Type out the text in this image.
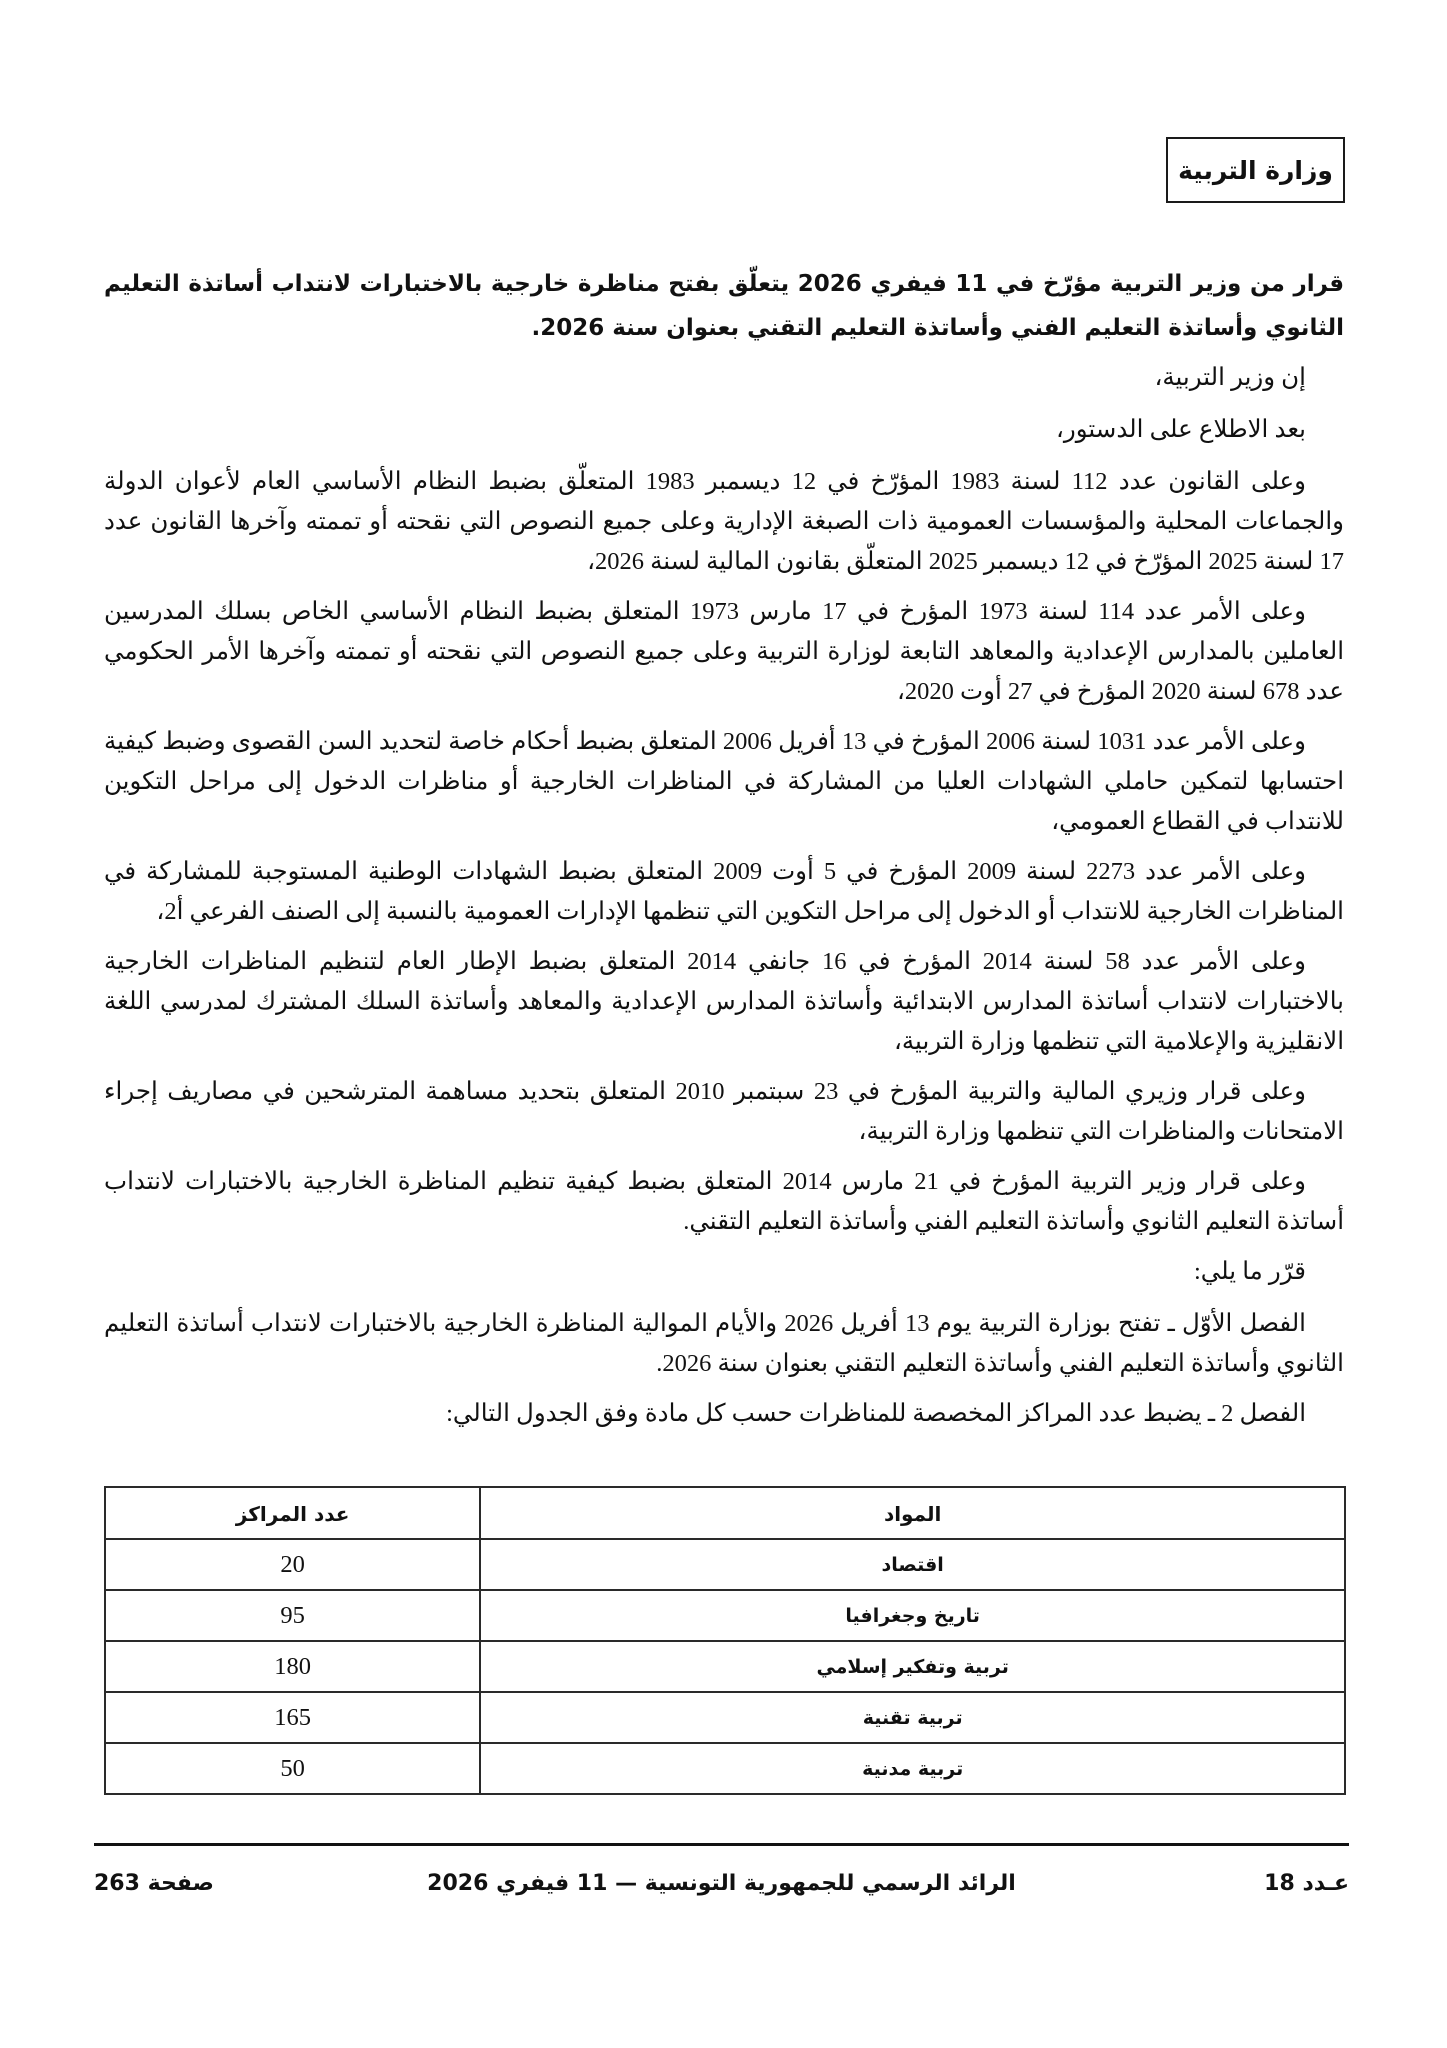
وزارة التربية

قرار من وزير التربية مؤرّخ في 11 فيفري 2026 يتعلّق بفتح مناظرة خارجية بالاختبارات لانتداب أساتذة التعليم الثانوي وأساتذة التعليم الفني وأساتذة التعليم التقني بعنوان سنة 2026.

إن وزير التربية،

بعد الاطلاع على الدستور،

وعلى القانون عدد 112 لسنة 1983 المؤرّخ في 12 ديسمبر 1983 المتعلّق بضبط النظام الأساسي العام لأعوان الدولة والجماعات المحلية والمؤسسات العمومية ذات الصبغة الإدارية وعلى جميع النصوص التي نقحته أو تممته وآخرها القانون عدد 17 لسنة 2025 المؤرّخ في 12 ديسمبر 2025 المتعلّق بقانون المالية لسنة 2026،

وعلى الأمر عدد 114 لسنة 1973 المؤرخ في 17 مارس 1973 المتعلق بضبط النظام الأساسي الخاص بسلك المدرسين العاملين بالمدارس الإعدادية والمعاهد التابعة لوزارة التربية وعلى جميع النصوص التي نقحته أو تممته وآخرها الأمر الحكومي عدد 678 لسنة 2020 المؤرخ في 27 أوت 2020،

وعلى الأمر عدد 1031 لسنة 2006 المؤرخ في 13 أفريل 2006 المتعلق بضبط أحكام خاصة لتحديد السن القصوى وضبط كيفية احتسابها لتمكين حاملي الشهادات العليا من المشاركة في المناظرات الخارجية أو مناظرات الدخول إلى مراحل التكوين للانتداب في القطاع العمومي،

وعلى الأمر عدد 2273 لسنة 2009 المؤرخ في 5 أوت 2009 المتعلق بضبط الشهادات الوطنية المستوجبة للمشاركة في المناظرات الخارجية للانتداب أو الدخول إلى مراحل التكوين التي تنظمها الإدارات العمومية بالنسبة إلى الصنف الفرعي أ2،

وعلى الأمر عدد 58 لسنة 2014 المؤرخ في 16 جانفي 2014 المتعلق بضبط الإطار العام لتنظيم المناظرات الخارجية بالاختبارات لانتداب أساتذة المدارس الابتدائية وأساتذة المدارس الإعدادية والمعاهد وأساتذة السلك المشترك لمدرسي اللغة الانقليزية والإعلامية التي تنظمها وزارة التربية،

وعلى قرار وزيري المالية والتربية المؤرخ في 23 سبتمبر 2010 المتعلق بتحديد مساهمة المترشحين في مصاريف إجراء الامتحانات والمناظرات التي تنظمها وزارة التربية،

وعلى قرار وزير التربية المؤرخ في 21 مارس 2014 المتعلق بضبط كيفية تنظيم المناظرة الخارجية بالاختبارات لانتداب أساتذة التعليم الثانوي وأساتذة التعليم الفني وأساتذة التعليم التقني.

قرّر ما يلي:

الفصل الأوّل ـ تفتح بوزارة التربية يوم 13 أفريل 2026 والأيام الموالية المناظرة الخارجية بالاختبارات لانتداب أساتذة التعليم الثانوي وأساتذة التعليم الفني وأساتذة التعليم التقني بعنوان سنة 2026.

الفصل 2 ـ يضبط عدد المراكز المخصصة للمناظرات حسب كل مادة وفق الجدول التالي:

المواد	عدد المراكز
اقتصاد	20
تاريخ وجغرافيا	95
تربية وتفكير إسلامي	180
تربية تقنية	165
تربية مدنية	50
عـدد 18
الرائد الرسمي للجمهورية التونسية — 11 فيفري 2026
صفحة 263
